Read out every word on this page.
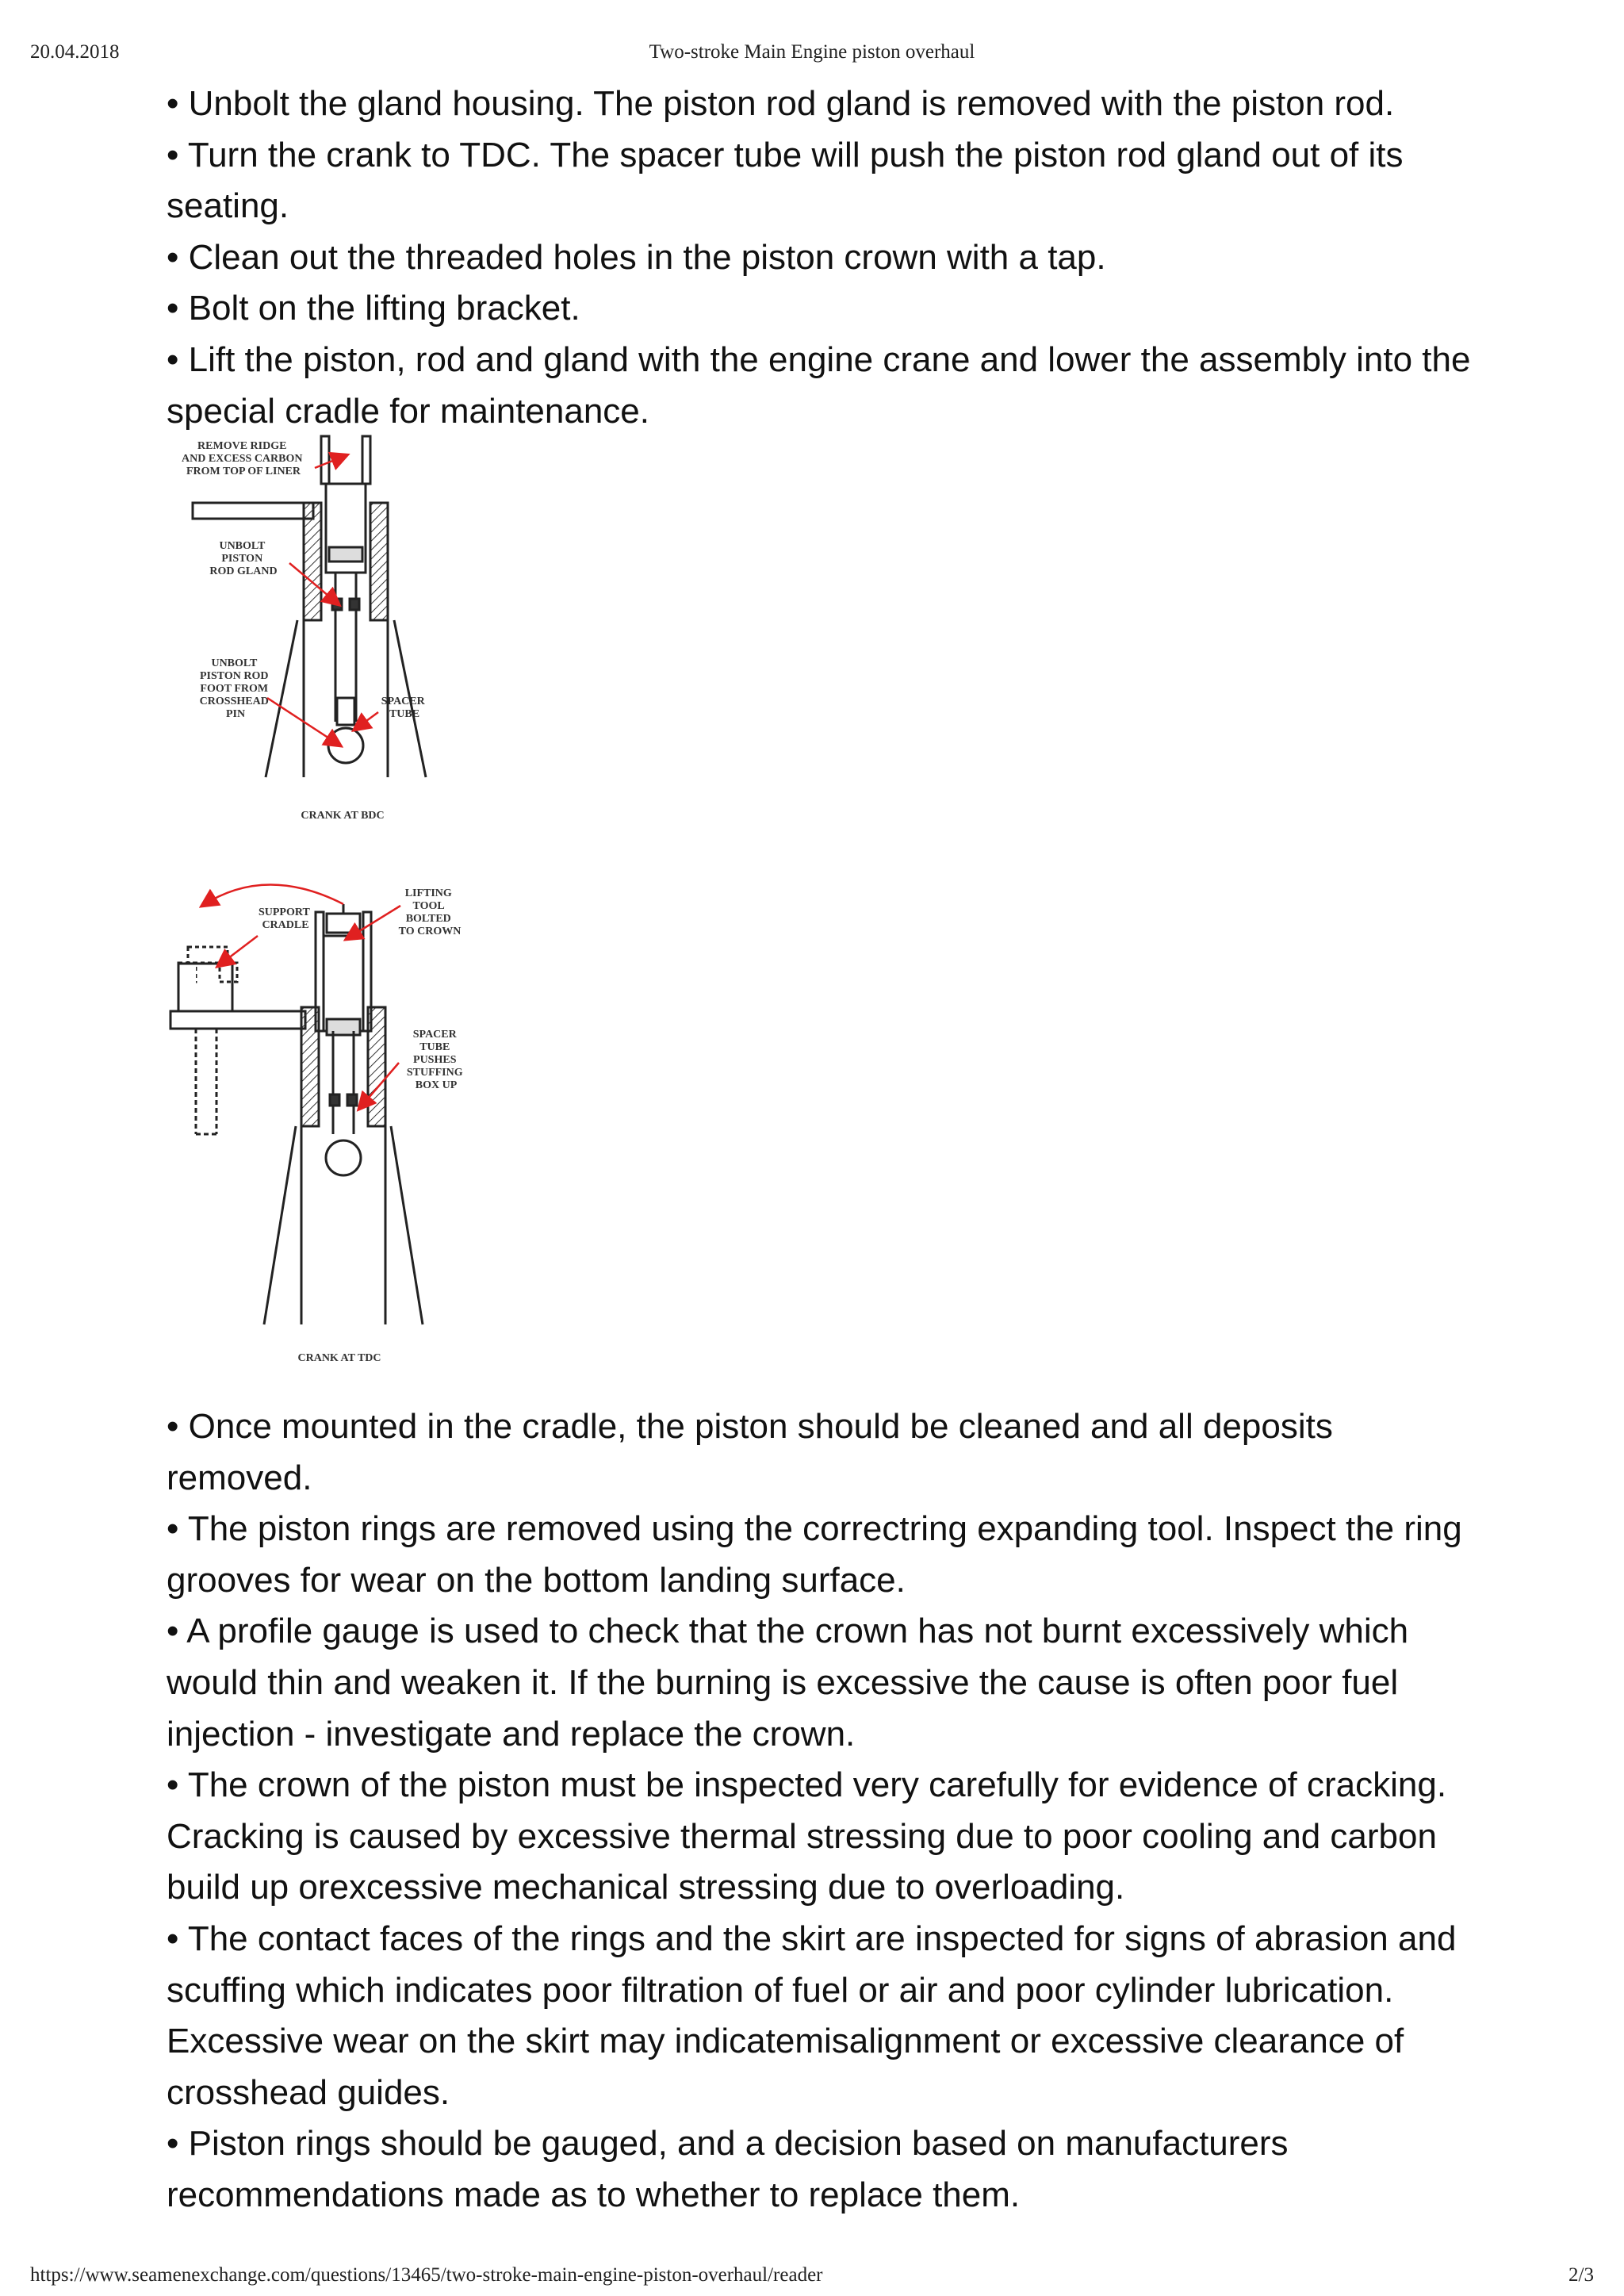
20.04.2018	Two-stroke Main Engine piston overhaul

• Unbolt the gland housing. The piston rod gland is removed with the piston rod.

• Turn the crank to TDC. The spacer tube will push the piston rod gland out of its seating.

• Clean out the threaded holes in the piston crown with a tap.

• Bolt on the lifting bracket.

• Lift the piston, rod and gland with the engine crane and lower the assembly into the special cradle for maintenance.

REMOVE RIDGE AND EXCESS CARBON FROM TOP OF LINER
UNBOLT PISTON ROD GLAND
UNBOLT PISTON ROD FOOT FROM CROSSHEAD PIN
SPACER TUBE
CRANK AT BDC
SUPPORT CRADLE
LIFTING TOOL BOLTED TO CROWN
SPACER TUBE PUSHES STUFFING BOX UP
CRANK AT TDC

• Once mounted in the cradle, the piston should be cleaned and all deposits removed.

• The piston rings are removed using the correctring expanding tool. Inspect the ring grooves for wear on the bottom landing surface.

• A profile gauge is used to check that the crown has not burnt excessively which would thin and weaken it. If the burning is excessive the cause is often poor fuel injection - investigate and replace the crown.

• The crown of the piston must be inspected very carefully for evidence of cracking. Cracking is caused by excessive thermal stressing due to poor cooling and carbon build up orexcessive mechanical stressing due to overloading.

• The contact faces of the rings and the skirt are inspected for signs of abrasion and scuffing which indicates poor filtration of fuel or air and poor cylinder lubrication. Excessive wear on the skirt may indicatemisalignment or excessive clearance of crosshead guides.

• Piston rings should be gauged, and a decision based on manufacturers recommendations made as to whether to replace them.

https://www.seamenexchange.com/questions/13465/two-stroke-main-engine-piston-overhaul/reader	2/3
